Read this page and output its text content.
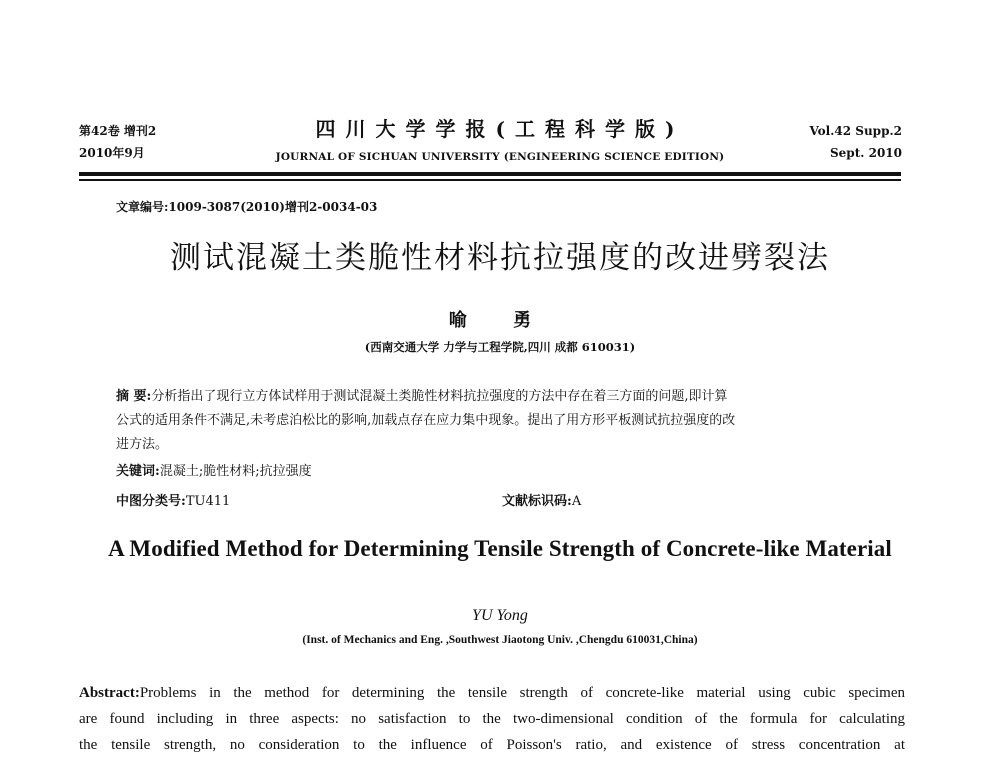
第42卷 增刊2
2010年9月
四川大学学报(工程科学版)
JOURNAL OF SICHUAN UNIVERSITY (ENGINEERING SCIENCE EDITION)
Vol.42 Supp.2
Sept. 2010
文章编号:1009-3087(2010)增刊2-0034-03
测试混凝土类脆性材料抗拉强度的改进劈裂法
喻 勇
(西南交通大学 力学与工程学院,四川 成都 610031)
摘 要:分析指出了现行立方体试样用于测试混凝土类脆性材料抗拉强度的方法中存在着三方面的问题,即计算
公式的适用条件不满足,未考虑泊松比的影响,加载点存在应力集中现象。提出了用方形平板测试抗拉强度的改
进方法。
关键词:混凝土;脆性材料;抗拉强度
中图分类号:TU411	文献标识码:A
A Modified Method for Determining Tensile Strength of Concrete-like Material
YU Yong
(Inst. of Mechanics and Eng. ,Southwest Jiaotong Univ. ,Chengdu 610031,China)
Abstract:Problems in the method for determining the tensile strength of concrete-like material using cubic specimen
are found including in three aspects: no satisfaction to the two-dimensional condition of the formula for calculating
the tensile strength, no consideration to the influence of Poisson's ratio, and existence of stress concentration at
